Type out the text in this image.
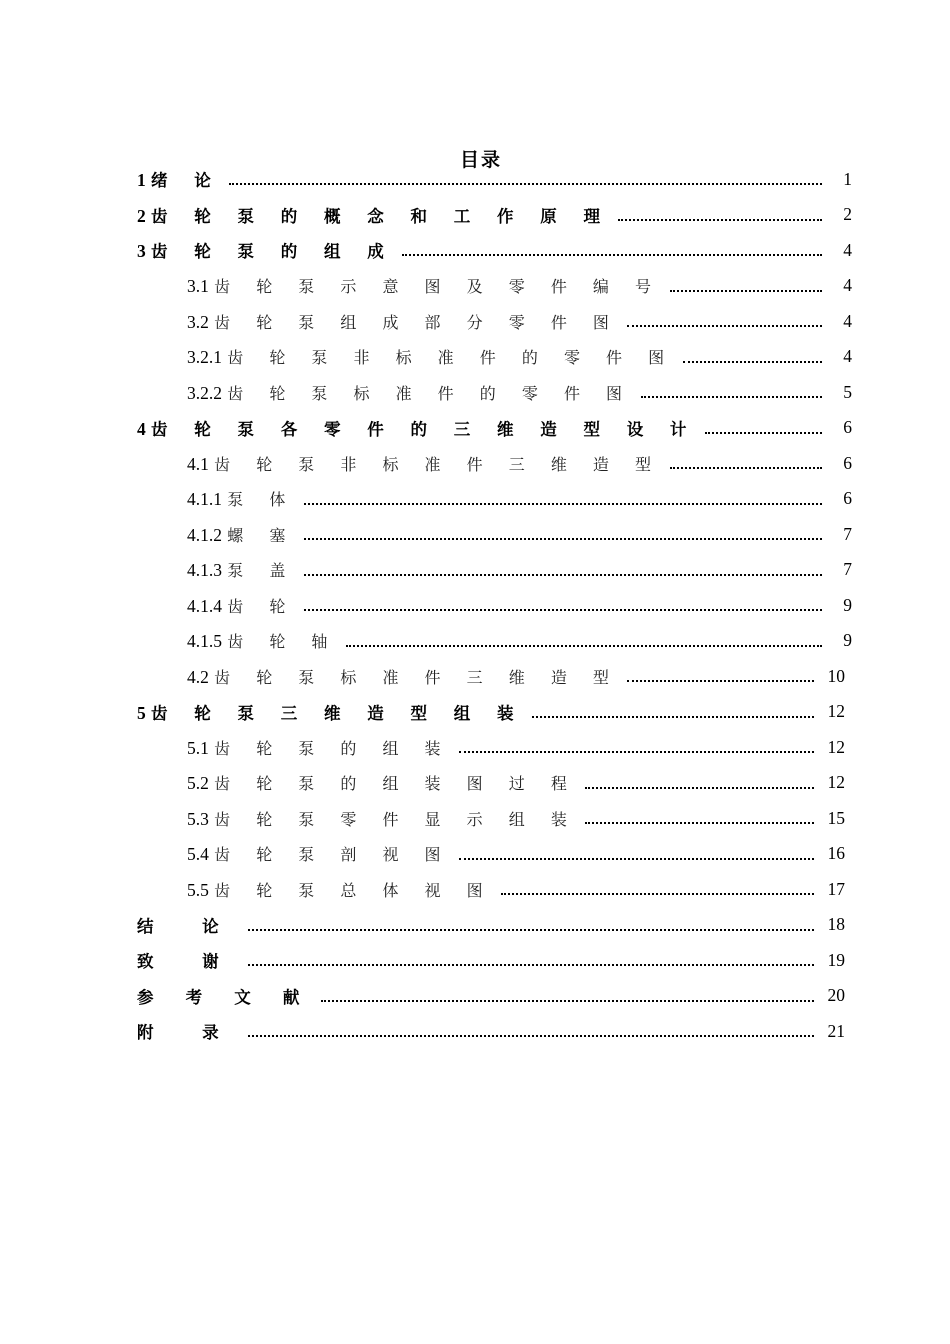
目录
1 绪 论	1
2 齿 轮 泵 的 概 念 和 工 作 原 理	2
3 齿 轮 泵 的 组 成	4
3.1 齿 轮 泵 示 意 图 及 零 件 编 号	4
3.2 齿 轮 泵 组 成 部 分 零 件 图	4
3.2.1 齿 轮 泵 非 标 准 件 的 零 件 图	4
3.2.2 齿 轮 泵 标 准 件 的 零 件 图	5
4 齿 轮 泵 各 零 件 的 三 维 造 型 设 计	6
4.1 齿 轮 泵 非 标 准 件 三 维 造 型	6
4.1.1 泵 体	6
4.1.2 螺 塞	7
4.1.3 泵 盖	7
4.1.4 齿 轮	9
4.1.5 齿 轮 轴	9
4.2 齿 轮 泵 标 准 件 三 维 造 型	10
5 齿 轮 泵 三 维 造 型 组 装	12
5.1 齿 轮 泵 的 组 装	12
5.2 齿 轮 泵 的 组 装 图 过 程	12
5.3 齿 轮 泵 零 件 显 示 组 装	15
5.4 齿 轮 泵 剖 视 图	16
5.5 齿 轮 泵 总 体 视 图	17
结 论	18
致 谢	19
参 考 文 献	20
附 录	21
